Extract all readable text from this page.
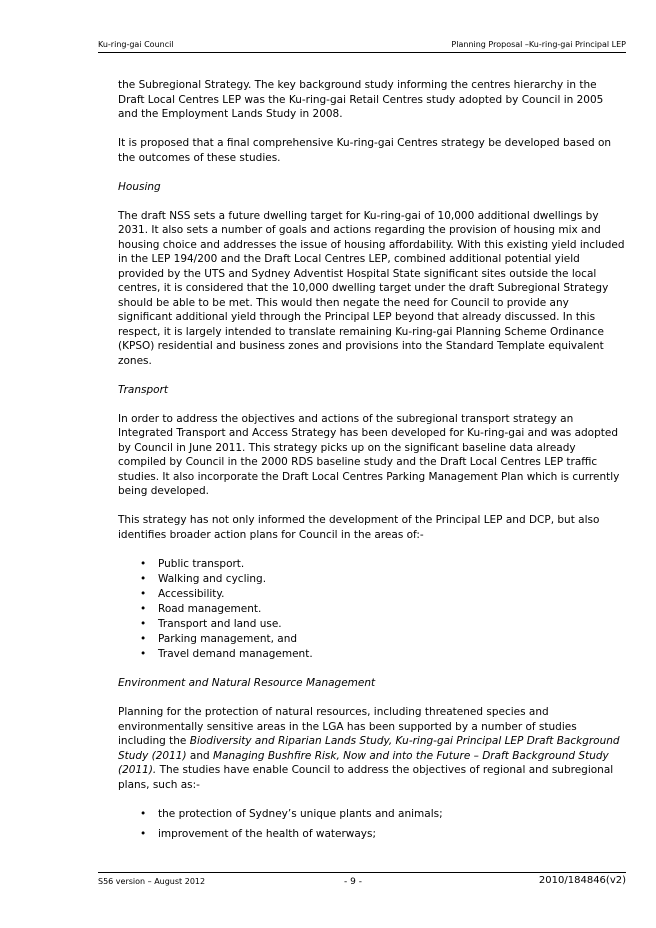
Ku-ring-gai Council	Planning Proposal –Ku-ring-gai Principal LEP

the Subregional Strategy. The key background study informing the centres hierarchy in the Draft Local Centres LEP was the Ku-ring-gai Retail Centres study adopted by Council in 2005 and the Employment Lands Study in 2008.

It is proposed that a final comprehensive Ku-ring-gai Centres strategy be developed based on the outcomes of these studies.

Housing

The draft NSS sets a future dwelling target for Ku-ring-gai of 10,000 additional dwellings by 2031. It also sets a number of goals and actions regarding the provision of housing mix and housing choice and addresses the issue of housing affordability. With this existing yield included in the LEP 194/200 and the Draft Local Centres LEP, combined additional potential yield provided by the UTS and Sydney Adventist Hospital State significant sites outside the local centres, it is considered that the 10,000 dwelling target under the draft Subregional Strategy should be able to be met. This would then negate the need for Council to provide any significant additional yield through the Principal LEP beyond that already discussed. In this respect, it is largely intended to translate remaining Ku-ring-gai Planning Scheme Ordinance (KPSO) residential and business zones and provisions into the Standard Template equivalent zones.

Transport

In order to address the objectives and actions of the subregional transport strategy an Integrated Transport and Access Strategy has been developed for Ku-ring-gai and was adopted by Council in June 2011. This strategy picks up on the significant baseline data already compiled by Council in the 2000 RDS baseline study and the Draft Local Centres LEP traffic studies. It also incorporate the Draft Local Centres Parking Management Plan which is currently being developed.

This strategy has not only informed the development of the Principal LEP and DCP, but also identifies broader action plans for Council in the areas of:-

• Public transport.
• Walking and cycling.
• Accessibility.
• Road management.
• Transport and land use.
• Parking management, and
• Travel demand management.

Environment and Natural Resource Management

Planning for the protection of natural resources, including threatened species and environmentally sensitive areas in the LGA has been supported by a number of studies including the Biodiversity and Riparian Lands Study, Ku-ring-gai Principal LEP Draft Background Study (2011) and Managing Bushfire Risk, Now and into the Future – Draft Background Study (2011). The studies have enable Council to address the objectives of regional and subregional plans, such as:-

• the protection of Sydney’s unique plants and animals;
• improvement of the health of waterways;
S56 version – August 2012	- 9 -	2010/184846(v2)
